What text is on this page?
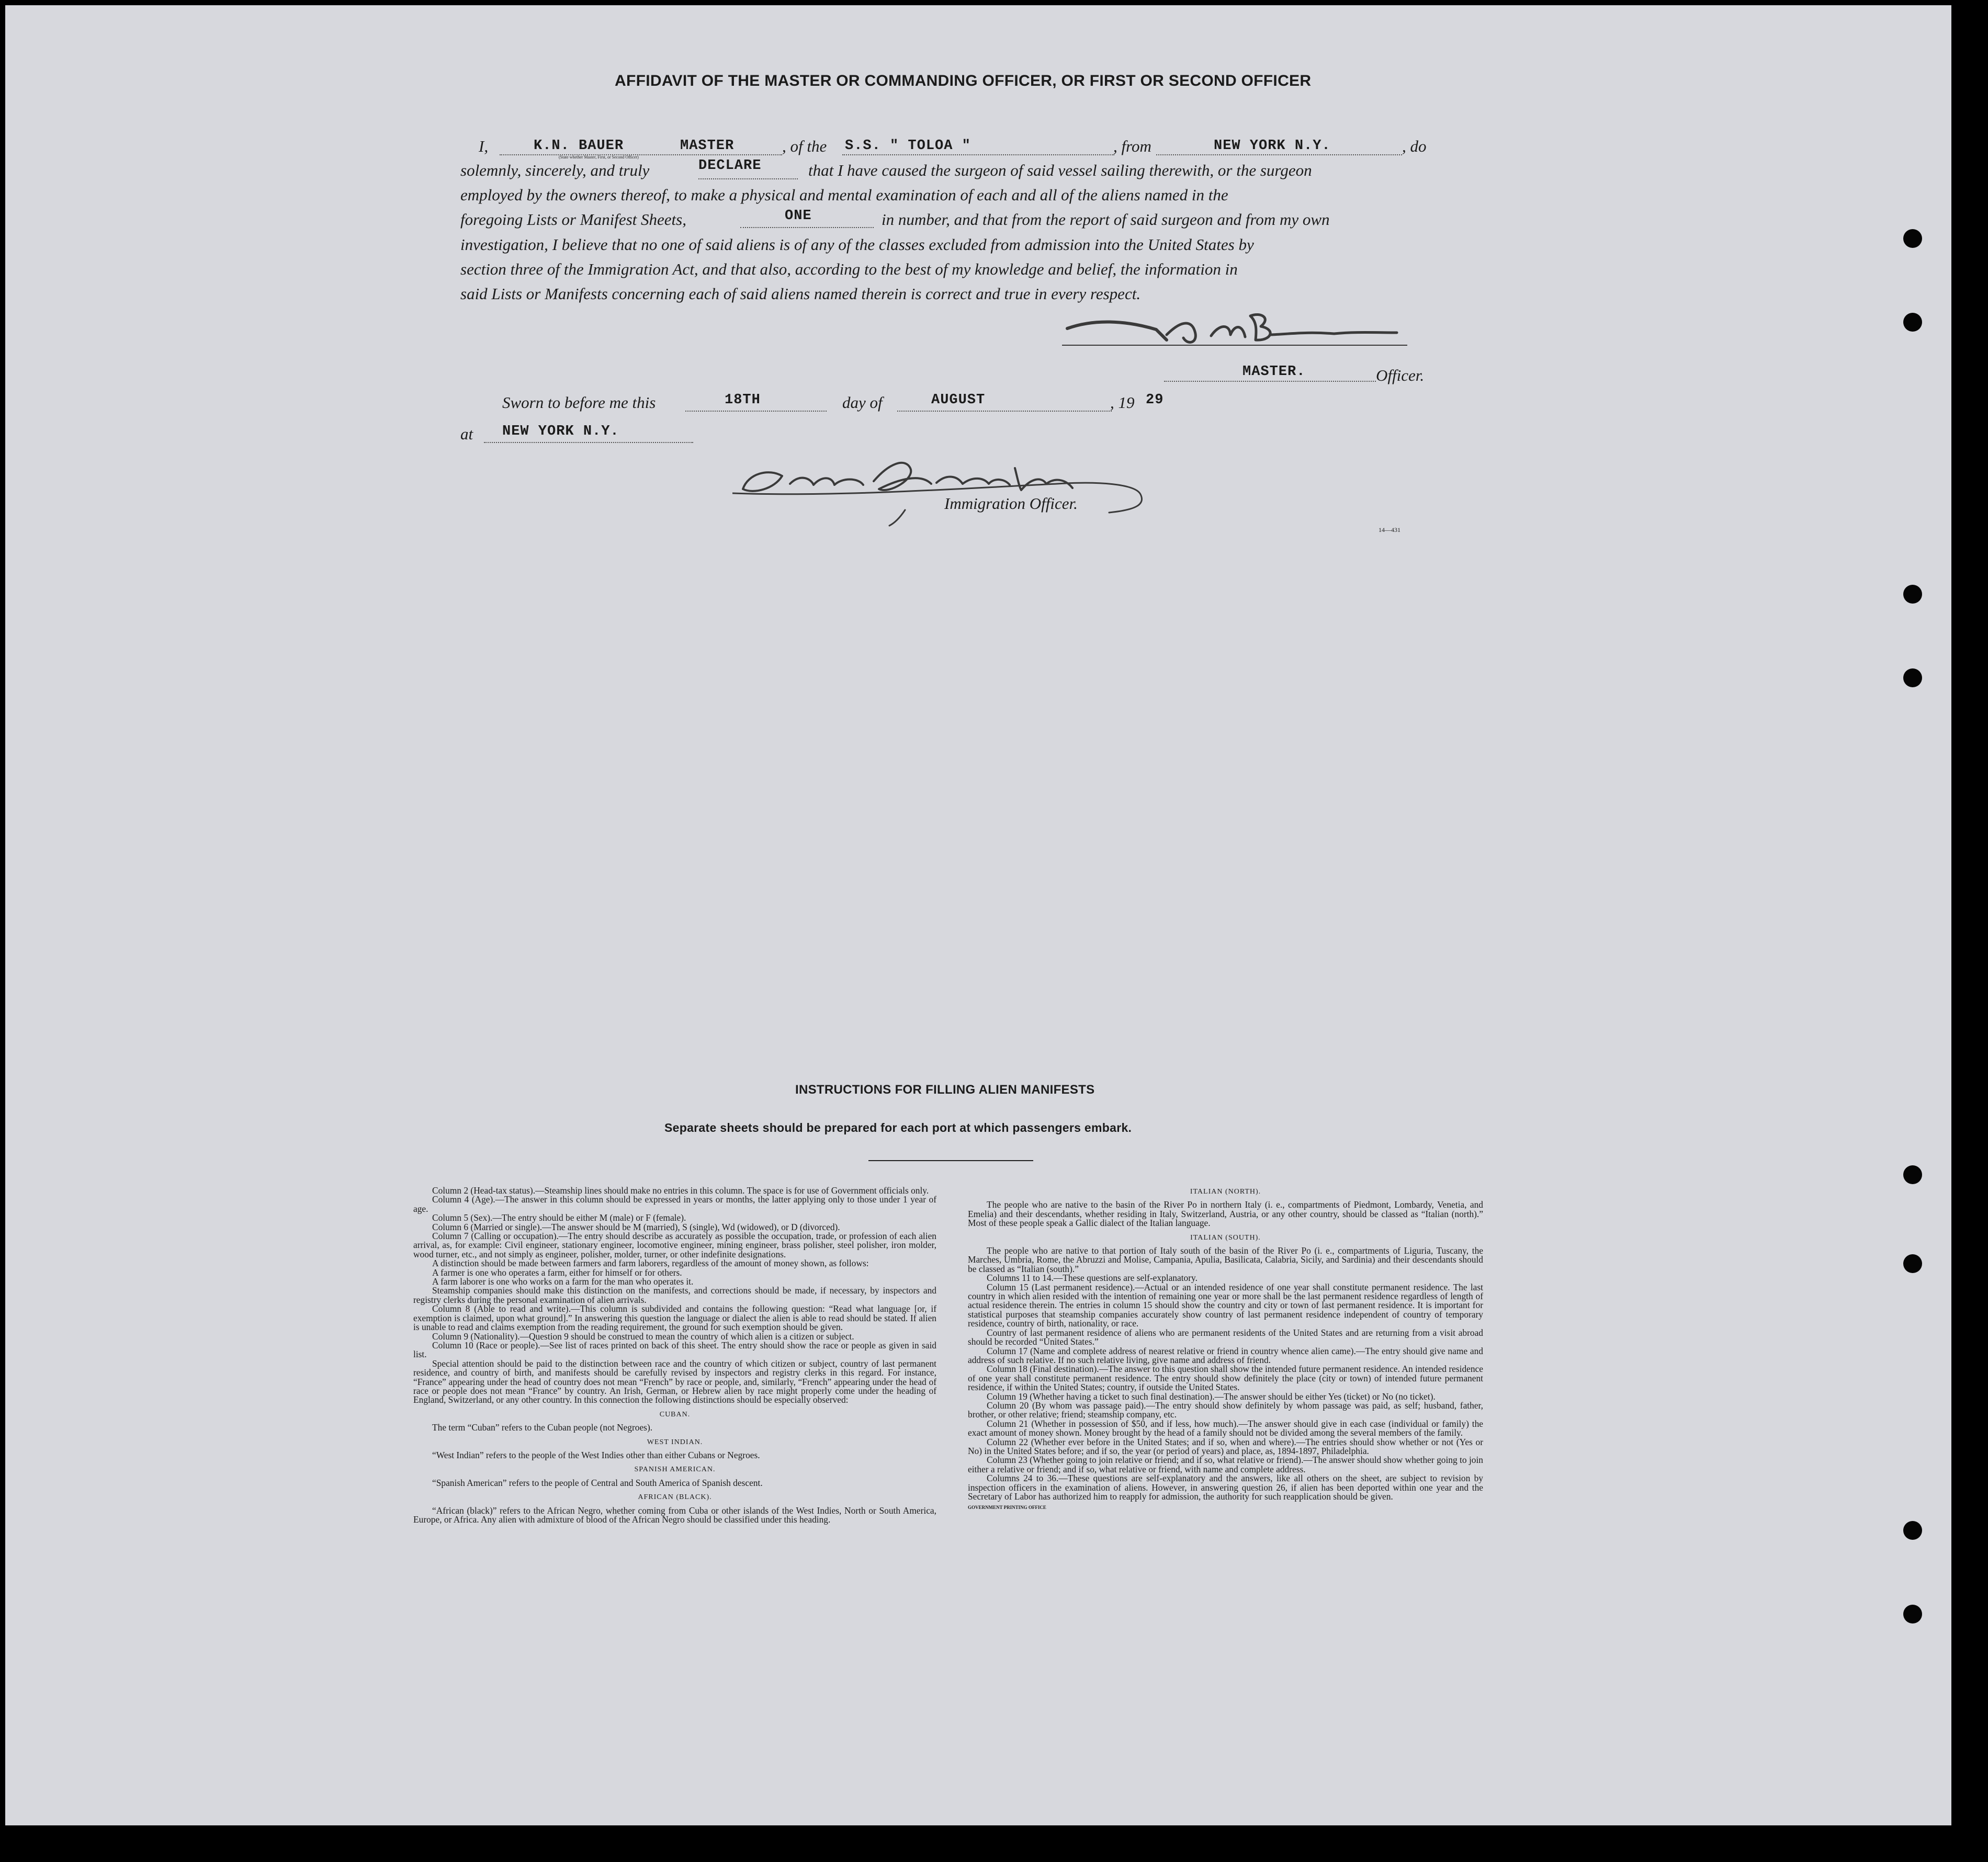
AFFIDAVIT OF THE MASTER OR COMMANDING OFFICER, OR FIRST OR SECOND OFFICER
I,	K.N. BAUER	MASTER
(State whether Master, First, or Second Officer)
, of the S.S. " TOLOA "	, from	NEW YORK N.Y.	, do
solemnly, sincerely, and truly	DECLARE	that I have caused the surgeon of said vessel sailing therewith, or the surgeon
employed by the owners thereof, to make a physical and mental examination of each and all of the aliens named in the
foregoing Lists or Manifest Sheets,	ONE	in number, and that from the report of said surgeon and from my own
investigation, I believe that no one of said aliens is of any of the classes excluded from admission into the United States by
section three of the Immigration Act, and that also, according to the best of my knowledge and belief, the information in
said Lists or Manifests concerning each of said aliens named therein is correct and true in every respect.
MASTER.	Officer.
Sworn to before me this	18TH	day of	AUGUST	, 19 29
at NEW YORK N.Y.
Immigration Officer.
14—431
INSTRUCTIONS FOR FILLING ALIEN MANIFESTS
Separate sheets should be prepared for each port at which passengers embark.

Column 2 (Head-tax status).—Steamship lines should make no entries in this column. The space is for use of Government officials only.

Column 4 (Age).—The answer in this column should be expressed in years or months, the latter applying only to those under 1 year of age.

Column 5 (Sex).—The entry should be either M (male) or F (female).

Column 6 (Married or single).—The answer should be M (married), S (single), Wd (widowed), or D (divorced).

Column 7 (Calling or occupation).—The entry should describe as accurately as possible the occupation, trade, or profession of each alien arrival, as, for example: Civil engineer, stationary engineer, locomotive engineer, mining engineer, brass polisher, steel polisher, iron molder, wood turner, etc., and not simply as engineer, polisher, molder, turner, or other indefinite designations.

A distinction should be made between farmers and farm laborers, regardless of the amount of money shown, as follows:

A farmer is one who operates a farm, either for himself or for others.

A farm laborer is one who works on a farm for the man who operates it.

Steamship companies should make this distinction on the manifests, and corrections should be made, if necessary, by inspectors and registry clerks during the personal examination of alien arrivals.

Column 8 (Able to read and write).—This column is subdivided and contains the following question: “Read what language [or, if exemption is claimed, upon what ground].” In answering this question the language or dialect the alien is able to read should be stated. If alien is unable to read and claims exemption from the reading requirement, the ground for such exemption should be given.

Column 9 (Nationality).—Question 9 should be construed to mean the country of which alien is a citizen or subject.

Column 10 (Race or people).—See list of races printed on back of this sheet. The entry should show the race or people as given in said list.

Special attention should be paid to the distinction between race and the country of which citizen or subject, country of last permanent residence, and country of birth, and manifests should be carefully revised by inspectors and registry clerks in this regard. For instance, “France” appearing under the head of country does not mean “French” by race or people, and, similarly, “French” appearing under the head of race or people does not mean “France” by country. An Irish, German, or Hebrew alien by race might properly come under the heading of England, Switzerland, or any other country. In this connection the following distinctions should be especially observed:

CUBAN.

The term “Cuban” refers to the Cuban people (not Negroes).

WEST INDIAN.

“West Indian” refers to the people of the West Indies other than either Cubans or Negroes.

SPANISH AMERICAN.

“Spanish American” refers to the people of Central and South America of Spanish descent.

AFRICAN (BLACK).

“African (black)” refers to the African Negro, whether coming from Cuba or other islands of the West Indies, North or South America, Europe, or Africa. Any alien with admixture of blood of the African Negro should be classified under this heading.

ITALIAN (NORTH).

The people who are native to the basin of the River Po in northern Italy (i. e., compartments of Piedmont, Lombardy, Venetia, and Emelia) and their descendants, whether residing in Italy, Switzerland, Austria, or any other country, should be classed as “Italian (north).” Most of these people speak a Gallic dialect of the Italian language.

ITALIAN (SOUTH).

The people who are native to that portion of Italy south of the basin of the River Po (i. e., compartments of Liguria, Tuscany, the Marches, Umbria, Rome, the Abruzzi and Molise, Campania, Apulia, Basilicata, Calabria, Sicily, and Sardinia) and their descendants should be classed as “Italian (south).”

Columns 11 to 14.—These questions are self-explanatory.

Column 15 (Last permanent residence).—Actual or an intended residence of one year shall constitute permanent residence. The last country in which alien resided with the intention of remaining one year or more shall be the last permanent residence regardless of length of actual residence therein. The entries in column 15 should show the country and city or town of last permanent residence. It is important for statistical purposes that steamship companies accurately show country of last permanent residence independent of country of temporary residence, country of birth, nationality, or race.

Country of last permanent residence of aliens who are permanent residents of the United States and are returning from a visit abroad should be recorded “United States.”

Column 17 (Name and complete address of nearest relative or friend in country whence alien came).—The entry should give name and address of such relative. If no such relative living, give name and address of friend.

Column 18 (Final destination).—The answer to this question shall show the intended future permanent residence. An intended residence of one year shall constitute permanent residence. The entry should show definitely the place (city or town) of intended future permanent residence, if within the United States; country, if outside the United States.

Column 19 (Whether having a ticket to such final destination).—The answer should be either Yes (ticket) or No (no ticket).

Column 20 (By whom was passage paid).—The entry should show definitely by whom passage was paid, as self; husband, father, brother, or other relative; friend; steamship company, etc.

Column 21 (Whether in possession of $50, and if less, how much).—The answer should give in each case (individual or family) the exact amount of money shown. Money brought by the head of a family should not be divided among the several members of the family.

Column 22 (Whether ever before in the United States; and if so, when and where).—The entries should show whether or not (Yes or No) in the United States before; and if so, the year (or period of years) and place, as, 1894-1897, Philadelphia.

Column 23 (Whether going to join relative or friend; and if so, what relative or friend).—The answer should show whether going to join either a relative or friend; and if so, what relative or friend, with name and complete address.

Columns 24 to 36.—These questions are self-explanatory and the answers, like all others on the sheet, are subject to revision by inspection officers in the examination of aliens. However, in answering question 26, if alien has been deported within one year and the Secretary of Labor has authorized him to reapply for admission, the authority for such reapplication should be given.

GOVERNMENT PRINTING OFFICE
